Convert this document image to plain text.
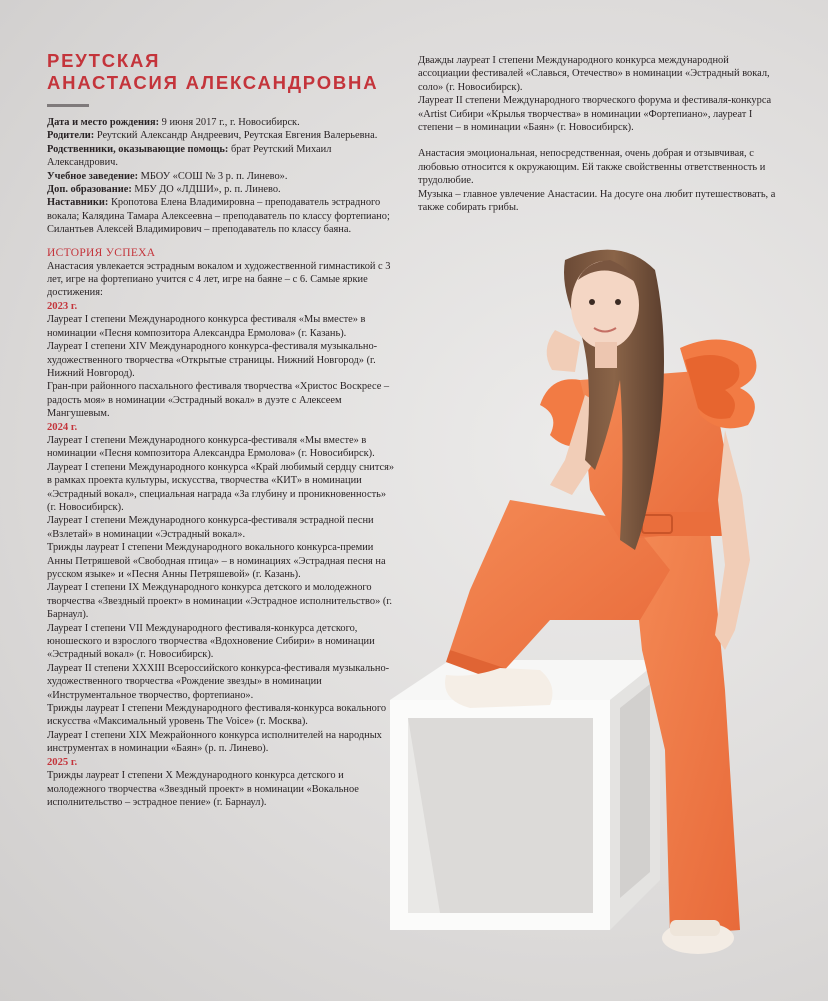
РЕУТСКАЯ
АНАСТАСИЯ АЛЕКСАНДРОВНА

Дата и место рождения: 9 июня 2017 г., г. Новосибирск.

Родители: Реутский Александр Андреевич, Реутская Евгения Валерьевна.

Родственники, оказывающие помощь: брат Реутский Михаил Александрович.

Учебное заведение: МБОУ «СОШ № 3 р. п. Линево».

Доп. образование: МБУ ДО «ЛДШИ», р. п. Линево.

Наставники: Кропотова Елена Владимировна – преподаватель эстрадного вокала; Калядина Тамара Алексеевна – преподаватель по классу фортепиано; Силантьев Алексей Владимирович – преподаватель по классу баяна.

ИСТОРИЯ УСПЕХА

Анастасия увлекается эстрадным вокалом и художественной гимнастикой с 3 лет, игре на фортепиано учится с 4 лет, игре на баяне – с 6. Самые яркие достижения:

2023 г.

Лауреат I степени Международного конкурса фестиваля «Мы вместе» в номинации «Песня композитора Александра Ермолова» (г. Казань).

Лауреат I степени XIV Международного конкурса-фестиваля музыкально-художественного творчества «Открытые страницы. Нижний Новгород» (г. Нижний Новгород).

Гран-при районного пасхального фестиваля творчества «Христос Воскресе – радость моя» в номинации «Эстрадный вокал» в дуэте с Алексеем Мангушевым.

2024 г.

Лауреат I степени Международного конкурса-фестиваля «Мы вместе» в номинации «Песня композитора Александра Ермолова» (г. Новосибирск).

Лауреат I степени Международного конкурса «Край любимый сердцу снится» в рамках проекта культуры, искусства, творчества «КИТ» в номинации «Эстрадный вокал», специальная награда «За глубину и проникновенность» (г. Новосибирск).

Лауреат I степени Международного конкурса-фестиваля эстрадной песни «Взлетай» в номинации «Эстрадный вокал».

Трижды лауреат I степени Международного вокального конкурса-премии Анны Петряшевой «Свободная птица» – в номинациях «Эстрадная песня на русском языке» и «Песня Анны Петряшевой» (г. Казань).

Лауреат I степени IX Международного конкурса детского и молодежного творчества «Звездный проект» в номинации «Эстрадное исполнительство» (г. Барнаул).

Лауреат I степени VII Международного фестиваля-конкурса детского, юношеского и взрослого творчества «Вдохновение Сибири» в номинации «Эстрадный вокал» (г. Новосибирск).

Лауреат II степени XXXIII Всероссийского конкурса-фестиваля музыкально-художественного творчества «Рождение звезды» в номинации «Инструментальное творчество, фортепиано».

Трижды лауреат I степени Международного фестиваля-конкурса вокального искусства «Максимальный уровень The Voice» (г. Москва).

Лауреат I степени XIX Межрайонного конкурса исполнителей на народных инструментах в номинации «Баян» (р. п. Линево).

2025 г.

Трижды лауреат I степени X Международного конкурса детского и молодежного творчества «Звездный проект» в номинации «Вокальное исполнительство – эстрадное пение» (г. Барнаул).

Дважды лауреат I степени Международного конкурса международной ассоциации фестивалей «Славься, Отечество» в номинации «Эстрадный вокал, соло» (г. Новосибирск).

Лауреат II степени Международного творческого форума и фестиваля-конкурса «Artist Сибири «Крылья творчества» в номинации «Фортепиано», лауреат I степени – в номинации «Баян» (г. Новосибирск).

Анастасия эмоциональная, непосредственная, очень добрая и отзывчивая, с любовью относится к окружающим. Ей также свойственны ответственность и трудолюбие.

Музыка – главное увлечение Анастасии. На досуге она любит путешествовать, а также собирать грибы.
